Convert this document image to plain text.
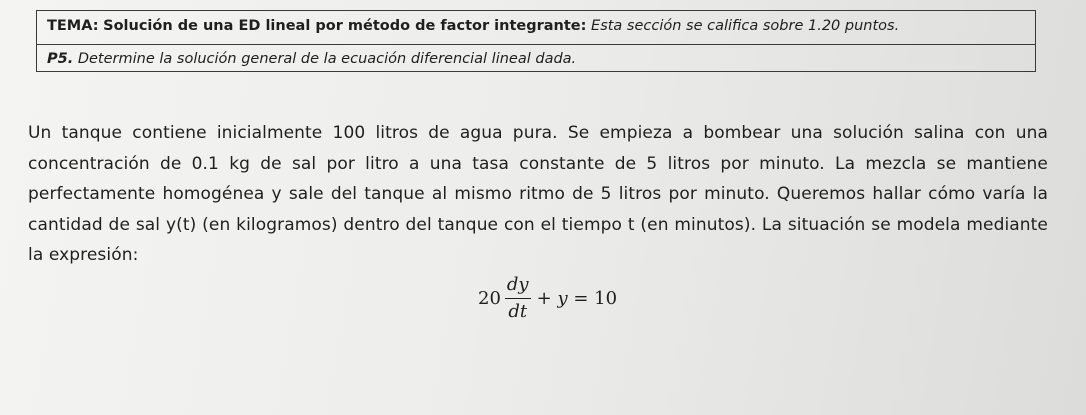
TEMA: Solución de una ED lineal por método de factor integrante: Esta sección se califica sobre 1.20 puntos.
P5. Determine la solución general de la ecuación diferencial lineal dada.
Un tanque contiene inicialmente 100 litros de agua pura. Se empieza a bombear una solución salina con una concentración de 0.1 kg de sal por litro a una tasa constante de 5 litros por minuto. La mezcla se mantiene perfectamente homogénea y sale del tanque al mismo ritmo de 5 litros por minuto. Queremos hallar cómo varía la cantidad de sal y(t) (en kilogramos) dentro del tanque con el tiempo t (en minutos). La situación se modela mediante la expresión:
$20 \frac{dy}{dt} + y = 10$
